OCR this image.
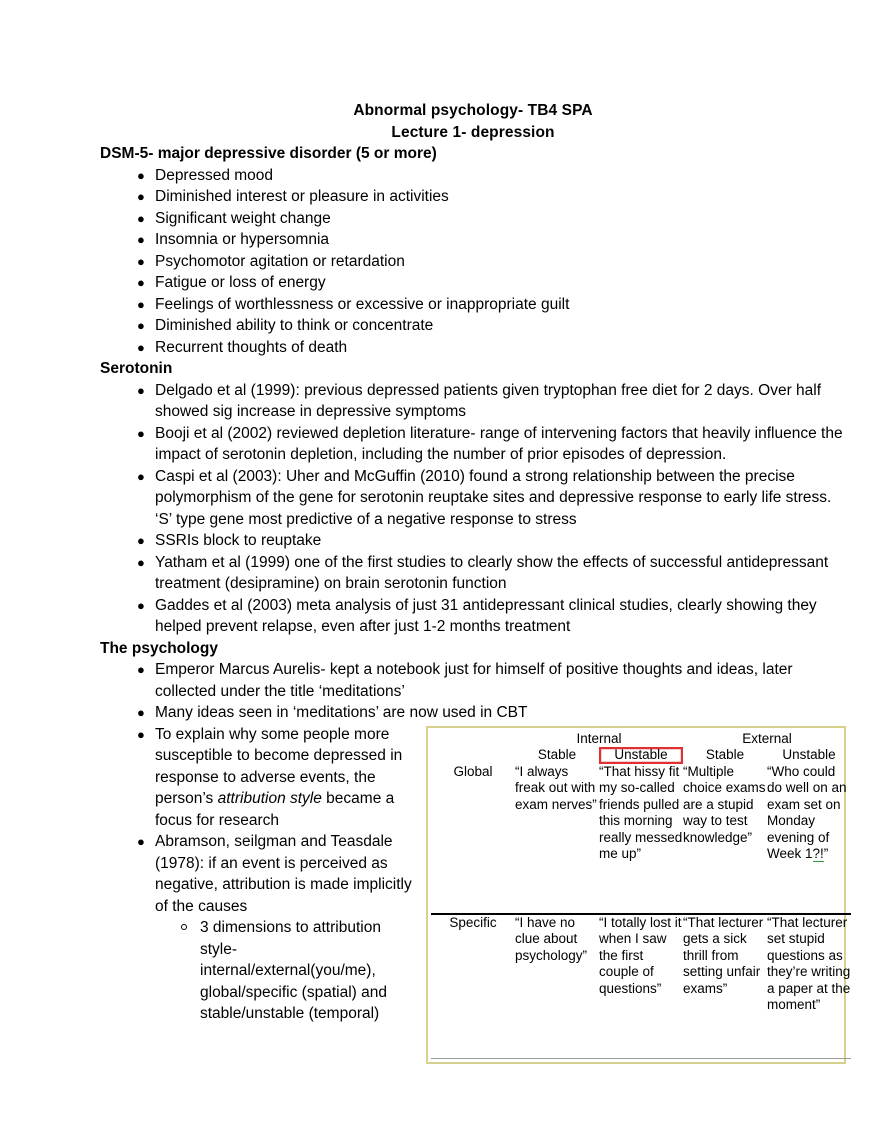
Abnormal psychology- TB4 SPA
Lecture 1- depression
DSM-5- major depressive disorder (5 or more)
● Depressed mood
● Diminished interest or pleasure in activities
● Significant weight change
● Insomnia or hypersomnia
● Psychomotor agitation or retardation
● Fatigue or loss of energy
● Feelings of worthlessness or excessive or inappropriate guilt
● Diminished ability to think or concentrate
● Recurrent thoughts of death
Serotonin
● Delgado et al (1999): previous depressed patients given tryptophan free diet for 2 days. Over half showed sig increase in depressive symptoms
● Booji et al (2002) reviewed depletion literature- range of intervening factors that heavily influence the impact of serotonin depletion, including the number of prior episodes of depression.
● Caspi et al (2003): Uher and McGuffin (2010) found a strong relationship between the precise polymorphism of the gene for serotonin reuptake sites and depressive response to early life stress. ‘S’ type gene most predictive of a negative response to stress
● SSRIs block to reuptake
● Yatham et al (1999) one of the first studies to clearly show the effects of successful antidepressant treatment (desipramine) on brain serotonin function
● Gaddes et al (2003) meta analysis of just 31 antidepressant clinical studies, clearly showing they helped prevent relapse, even after just 1-2 months treatment
The psychology
● Emperor Marcus Aurelis- kept a notebook just for himself of positive thoughts and ideas, later collected under the title ‘meditations’
● Many ideas seen in ‘meditations’ are now used in CBT
	Internal		External	
	Stable	Unstable	Stable	Unstable
Global	“I always freak out with exam nerves”	“That hissy fit my so-called friends pulled this morning really messed me up”	“Multiple choice exams are a stupid way to test knowledge”	“Who could do well on an exam set on Monday evening of Week 1?!”
Specific	“I have no clue about psychology”	“I totally lost it when I saw the first couple of questions”	“That lecturer gets a sick thrill from setting unfair exams”	“That lecturer set stupid questions as they’re writing a paper at the moment”
● To explain why some people more susceptible to become depressed in response to adverse events, the person’s attribution style became a focus for research
● Abramson, seilgman and Teasdale (1978): if an event is perceived as negative, attribution is made implicitly of the causes
3 dimensions to attribution style- internal/external(you/me), global/specific (spatial) and stable/unstable (temporal)
